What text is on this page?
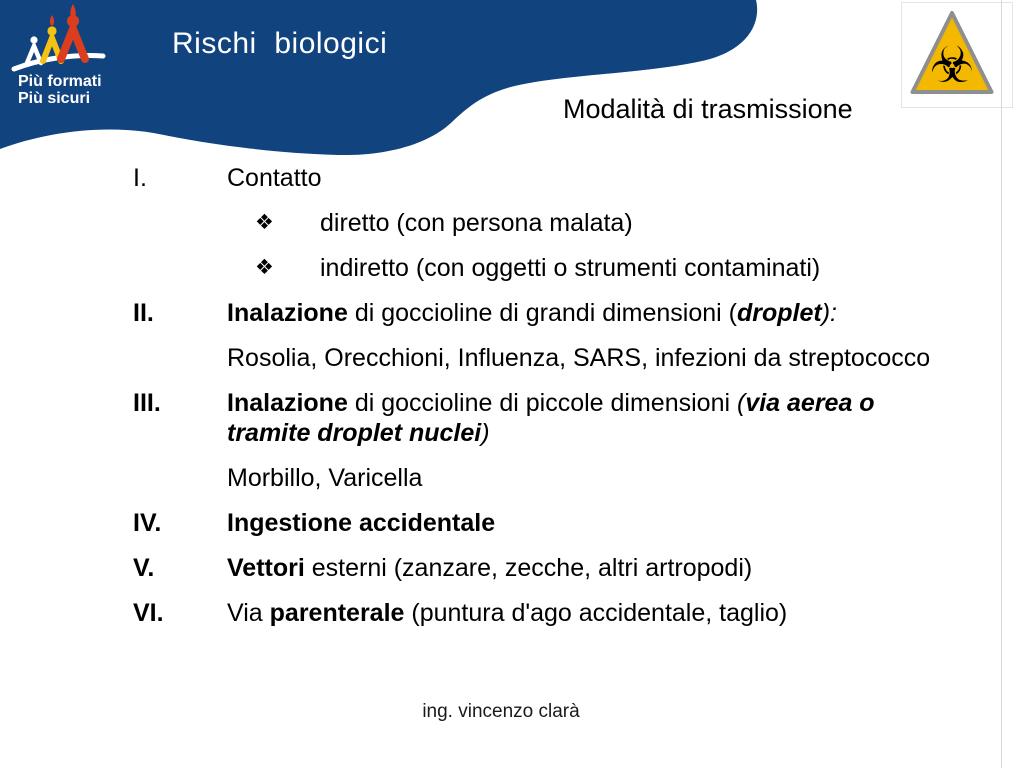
Più formati
Più sicuri
Rischi  biologici
Modalità di trasmissione
☣
I.	Contatto
❖	diretto (con persona malata)
❖	indiretto (con oggetti o strumenti contaminati)
II.	Inalazione di goccioline di grandi dimensioni (droplet):
Rosolia, Orecchioni, Influenza, SARS, infezioni da streptococco
III.	Inalazione di goccioline di piccole dimensioni (via aerea o tramite droplet nuclei)
Morbillo, Varicella
IV.	Ingestione accidentale
V.	Vettori esterni (zanzare, zecche, altri artropodi)
VI.	Via parenterale (puntura d'ago accidentale, taglio)
ing. vincenzo clarà
